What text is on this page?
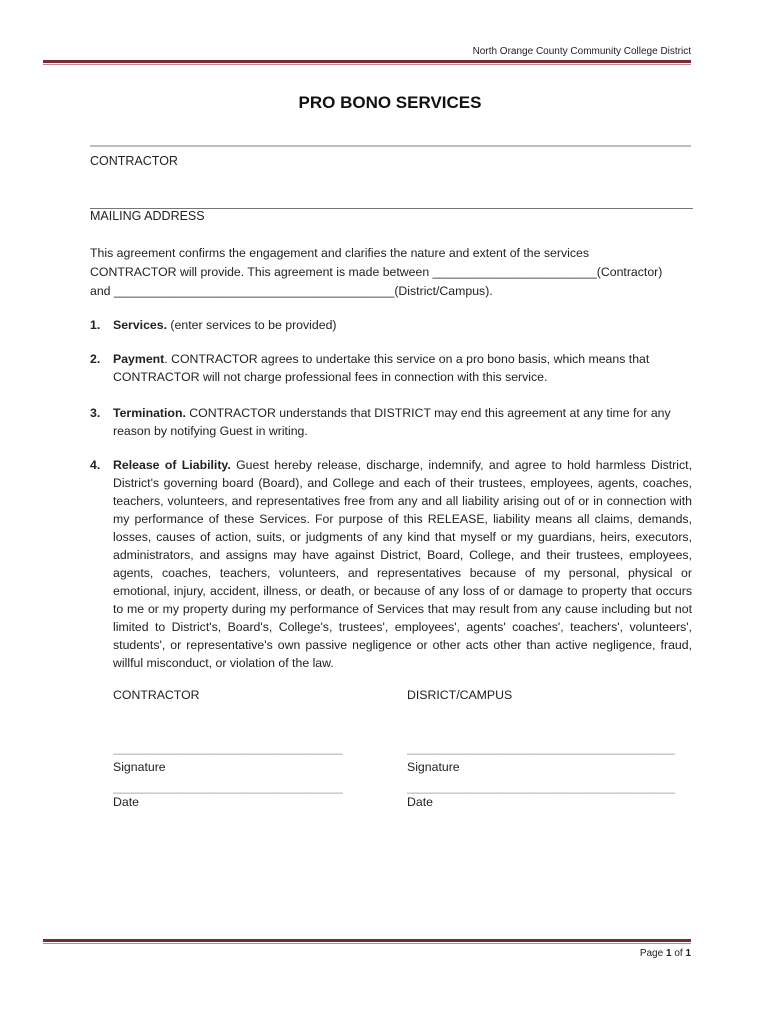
North Orange County Community College District
PRO BONO SERVICES
CONTRACTOR
MAILING ADDRESS
This agreement confirms the engagement and clarifies the nature and extent of the services
CONTRACTOR will provide. This agreement is made between ________________________(Contractor)
and _________________________________________(District/Campus).
1. Services. (enter services to be provided)
2. Payment. CONTRACTOR agrees to undertake this service on a pro bono basis, which means that CONTRACTOR will not charge professional fees in connection with this service.
3. Termination. CONTRACTOR understands that DISTRICT may end this agreement at any time for any reason by notifying Guest in writing.
4. Release of Liability. Guest hereby release, discharge, indemnify, and agree to hold harmless District, District's governing board (Board), and College and each of their trustees, employees, agents, coaches, teachers, volunteers, and representatives free from any and all liability arising out of or in connection with my performance of these Services. For purpose of this RELEASE, liability means all claims, demands, losses, causes of action, suits, or judgments of any kind that myself or my guardians, heirs, executors, administrators, and assigns may have against District, Board, College, and their trustees, employees, agents, coaches, teachers, volunteers, and representatives because of my personal, physical or emotional, injury, accident, illness, or death, or because of any loss of or damage to property that occurs to me or my property during my performance of Services that may result from any cause including but not limited to District's, Board's, College's, trustees', employees', agents' coaches', teachers', volunteers', students', or representative's own passive negligence or other acts other than active negligence, fraud, willful misconduct, or violation of the law.
CONTRACTOR	DISRICT/CAMPUS
____________________________________	__________________________________________
Signature	Signature
____________________________________	__________________________________________
Date	Date
Page 1 of 1
